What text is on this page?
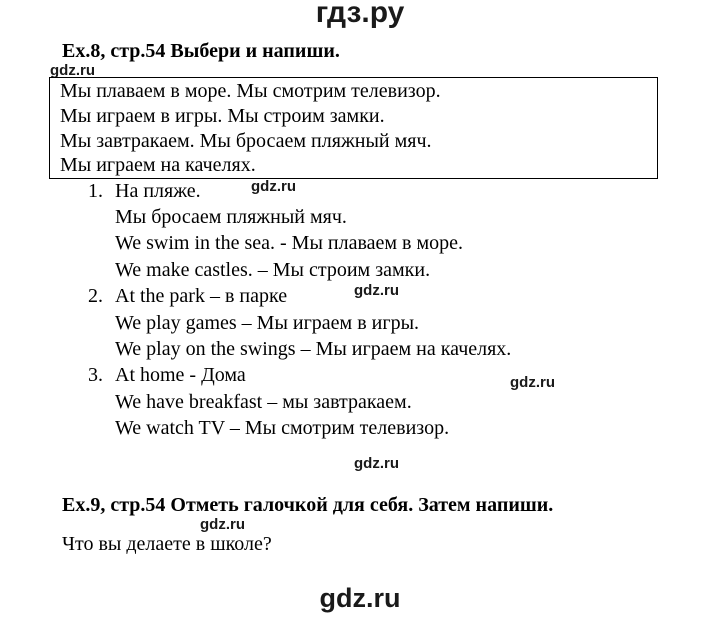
гдз.ру
Ex.8, стр.54 Выбери и напиши.
gdz.ru
Мы плаваем в море. Мы смотрим телевизор.
Мы играем в игры. Мы строим замки.
Мы завтракаем. Мы бросаем пляжный мяч.
Мы играем на качелях.
1. На пляже.	gdz.ru
Мы бросаем пляжный мяч.
We swim in the sea. - Мы плаваем в море.
We make castles. – Мы строим замки.
2. At the park – в парке	gdz.ru
We play games – Мы играем в игры.
We play on the swings – Мы играем на качелях.
3. At home - Дома	gdz.ru
We have breakfast – мы завтракаем.
We watch TV – Мы смотрим телевизор.
gdz.ru
Ex.9, стр.54 Отметь галочкой для себя. Затем напиши.
gdz.ru
Что вы делаете в школе?
gdz.ru
